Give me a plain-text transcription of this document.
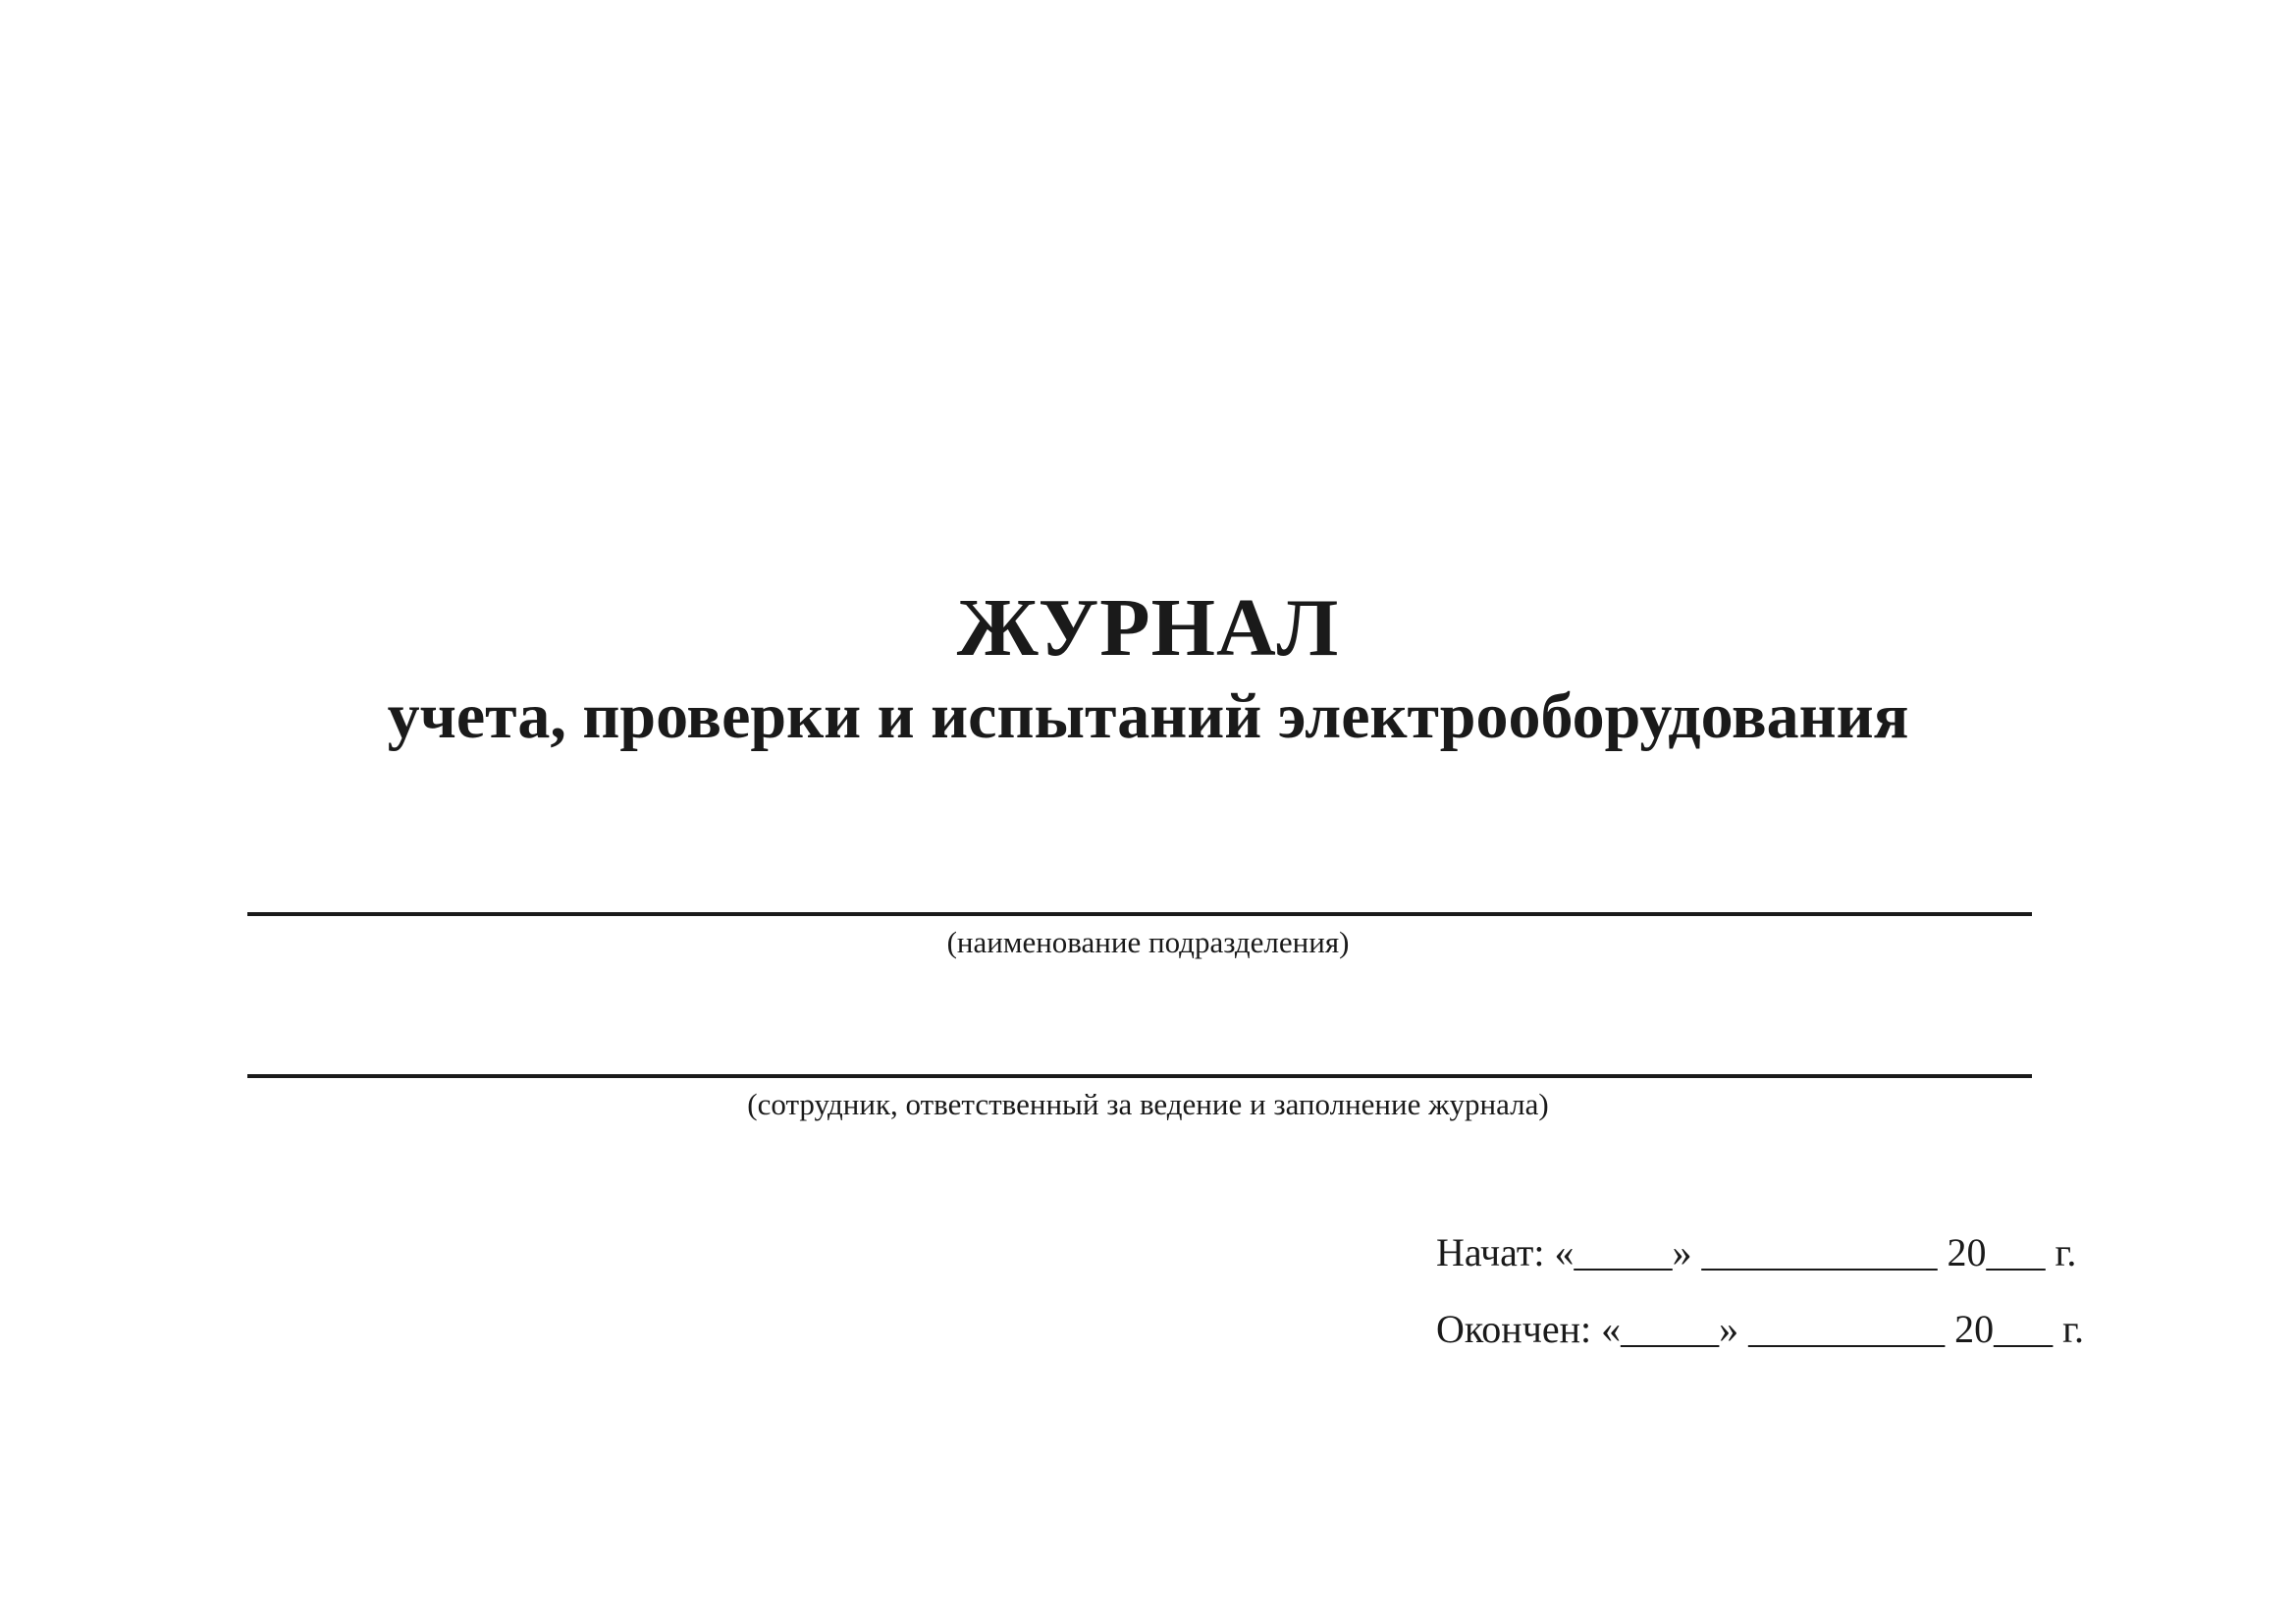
ЖУРНАЛ
учета, проверки и испытаний электрооборудования
(наименование подразделения)
(сотрудник, ответственный за ведение и заполнение журнала)

Начат: «_____» ____________ 20___ г.

Окончен: «_____» __________ 20___ г.
